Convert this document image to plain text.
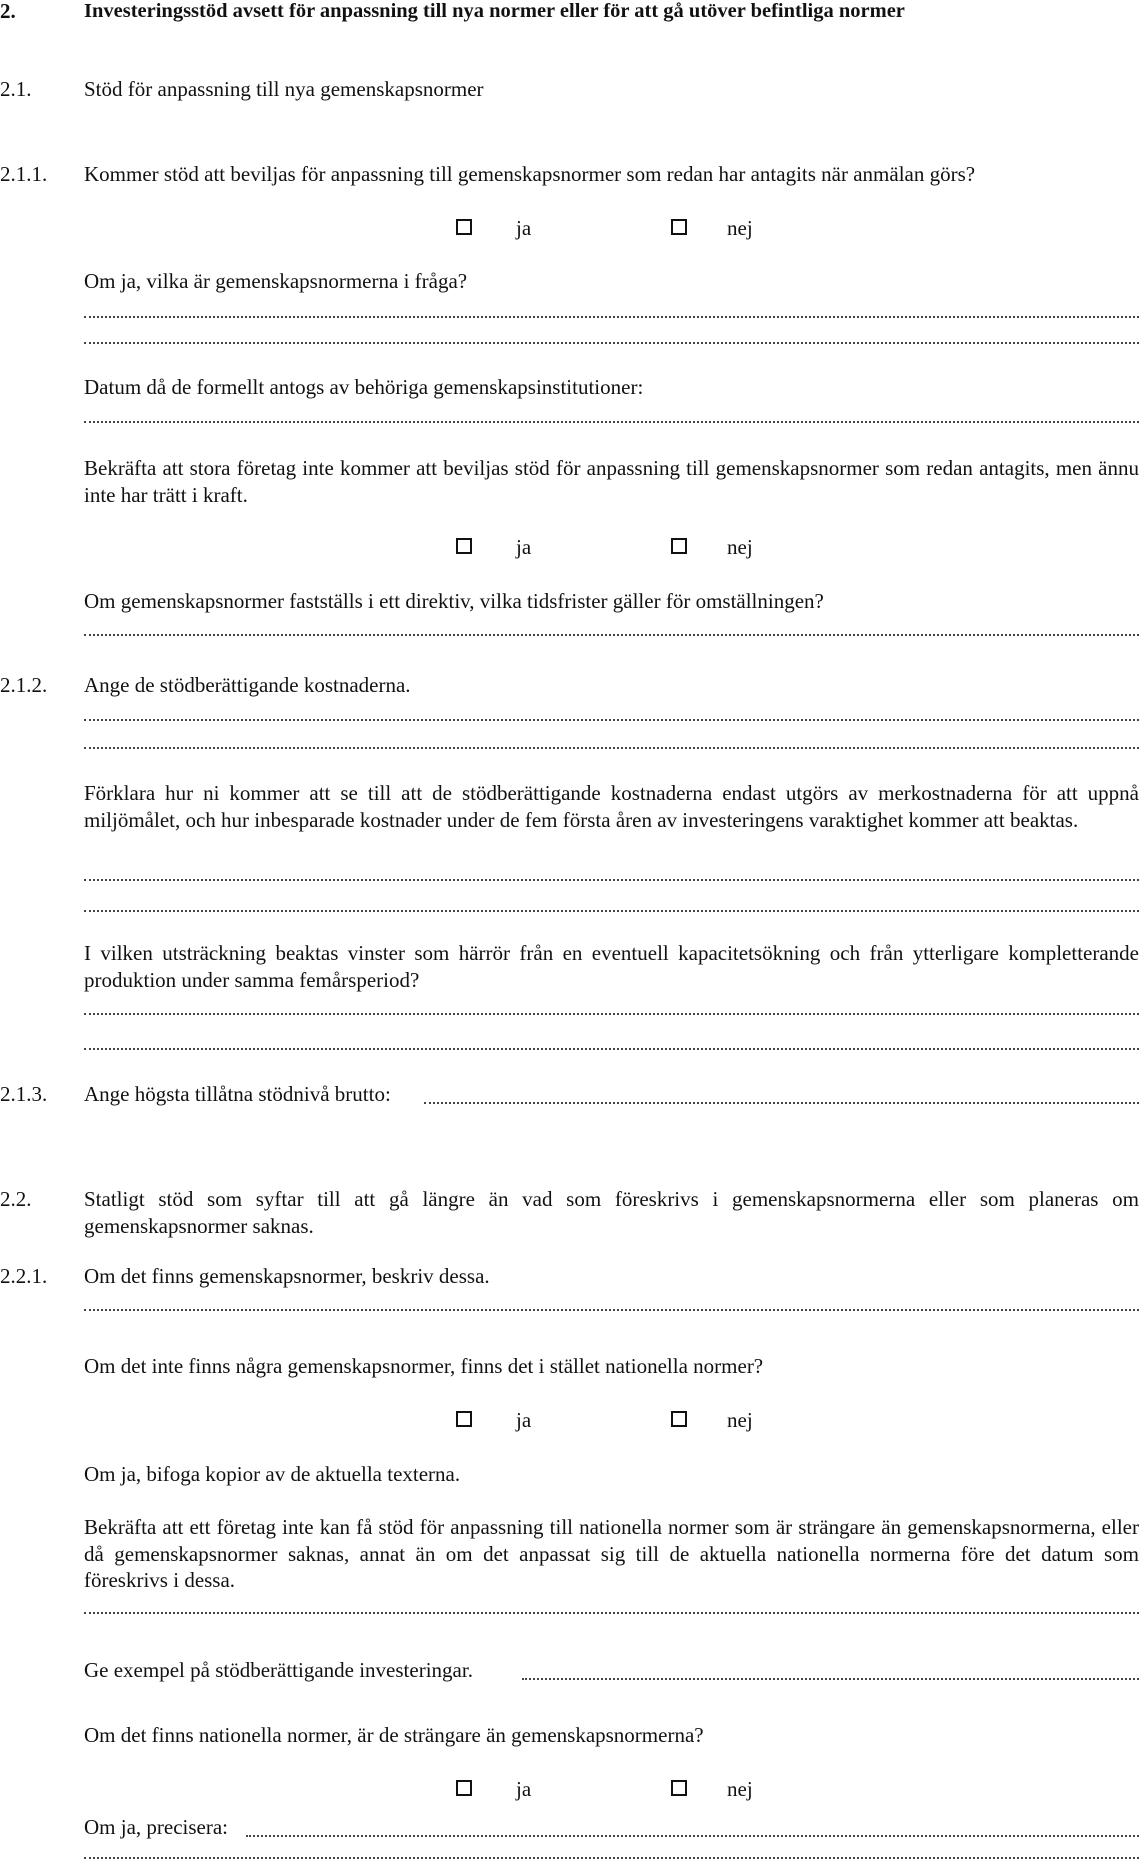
2.	Investeringsstöd avsett för anpassning till nya normer eller för att gå utöver befintliga normer
2.1.	Stöd för anpassning till nya gemenskapsnormer
2.1.1. Kommer stöd att beviljas för anpassning till gemenskapsnormer som redan har antagits när anmälan görs?
ja	nej
Om ja, vilka är gemenskapsnormerna i fråga?
Datum då de formellt antogs av behöriga gemenskapsinstitutioner:
Bekräfta att stora företag inte kommer att beviljas stöd för anpassning till gemenskapsnormer som redan antagits, men ännu inte har trätt i kraft.
ja	nej
Om gemenskapsnormer fastställs i ett direktiv, vilka tidsfrister gäller för omställningen?
2.1.2. Ange de stödberättigande kostnaderna.
Förklara hur ni kommer att se till att de stödberättigande kostnaderna endast utgörs av merkostnaderna för att uppnå miljömålet, och hur inbesparade kostnader under de fem första åren av investeringens varaktighet kommer att beaktas.
I vilken utsträckning beaktas vinster som härrör från en eventuell kapacitetsökning och från ytterligare kompletterande produktion under samma femårsperiod?
2.1.3. Ange högsta tillåtna stödnivå brutto:
2.2.	Statligt stöd som syftar till att gå längre än vad som föreskrivs i gemenskapsnormerna eller som planeras om gemenskapsnormer saknas.
2.2.1. Om det finns gemenskapsnormer, beskriv dessa.
Om det inte finns några gemenskapsnormer, finns det i stället nationella normer?
ja	nej
Om ja, bifoga kopior av de aktuella texterna.
Bekräfta att ett företag inte kan få stöd för anpassning till nationella normer som är strängare än gemenskapsnormerna, eller då gemenskapsnormer saknas, annat än om det anpassat sig till de aktuella nationella normerna före det datum som föreskrivs i dessa.
Ge exempel på stödberättigande investeringar.
Om det finns nationella normer, är de strängare än gemenskapsnormerna?
ja	nej
Om ja, precisera:
